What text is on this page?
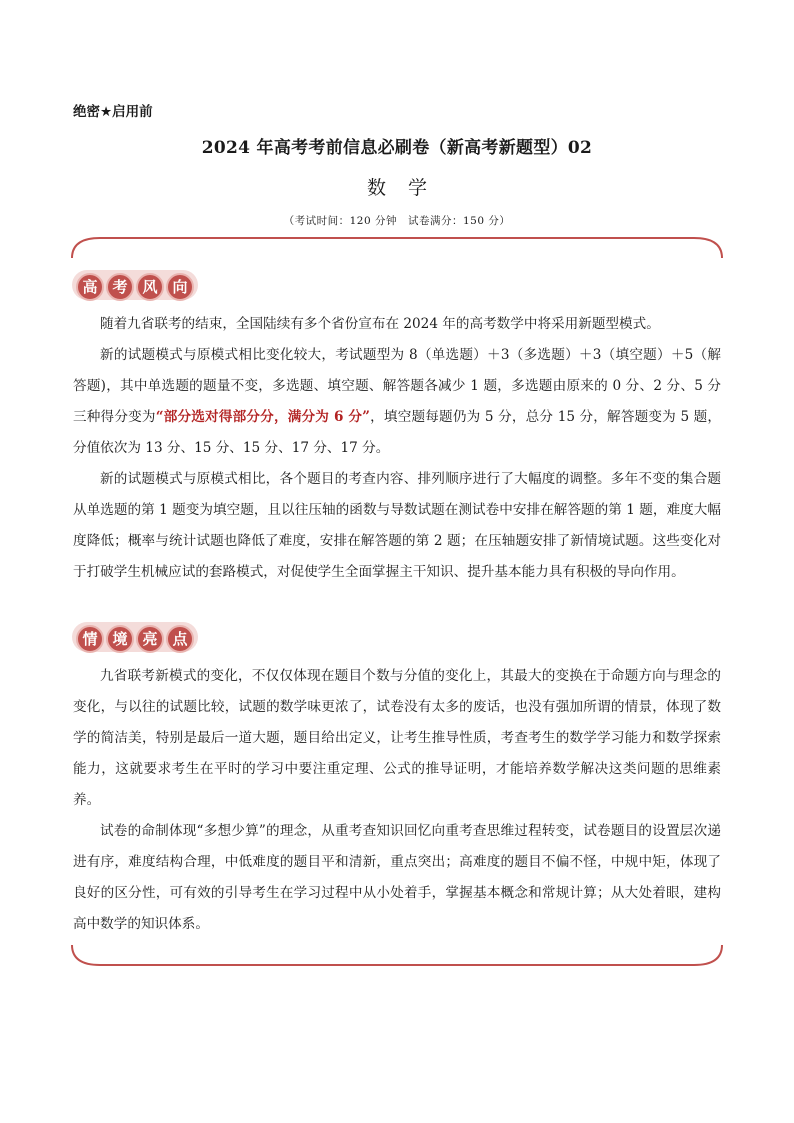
绝密★启用前
2024 年高考考前信息必刷卷（新高考新题型）02
数 学
（考试时间：120 分钟　试卷满分：150 分）
高 考 风 向

随着九省联考的结束，全国陆续有多个省份宣布在 2024 年的高考数学中将采用新题型模式。

新的试题模式与原模式相比变化较大，考试题型为 8（单选题）＋3（多选题）＋3（填空题）＋5（解答题)，其中单选题的题量不变，多选题、填空题、解答题各减少 1 题，多选题由原来的 0 分、2 分、5 分三种得分变为“部分选对得部分分，满分为 6 分”，填空题每题仍为 5 分，总分 15 分，解答题变为 5 题，分值依次为 13 分、15 分、15 分、17 分、17 分。

新的试题模式与原模式相比，各个题目的考查内容、排列顺序进行了大幅度的调整。多年不变的集合题从单选题的第 1 题变为填空题，且以往压轴的函数与导数试题在测试卷中安排在解答题的第 1 题，难度大幅度降低；概率与统计试题也降低了难度，安排在解答题的第 2 题；在压轴题安排了新情境试题。这些变化对于打破学生机械应试的套路模式，对促使学生全面掌握主干知识、提升基本能力具有积极的导向作用。

情 境 亮 点

九省联考新模式的变化，不仅仅体现在题目个数与分值的变化上，其最大的变换在于命题方向与理念的变化，与以往的试题比较，试题的数学味更浓了，试卷没有太多的废话，也没有强加所谓的情景，体现了数学的简洁美，特别是最后一道大题，题目给出定义，让考生推导性质，考查考生的数学学习能力和数学探索能力，这就要求考生在平时的学习中要注重定理、公式的推导证明，才能培养数学解决这类问题的思维素养。

试卷的命制体现“多想少算”的理念，从重考查知识回忆向重考查思维过程转变，试卷题目的设置层次递进有序，难度结构合理，中低难度的题目平和清新，重点突出；高难度的题目不偏不怪，中规中矩，体现了良好的区分性，可有效的引导考生在学习过程中从小处着手，掌握基本概念和常规计算；从大处着眼，建构高中数学的知识体系。
